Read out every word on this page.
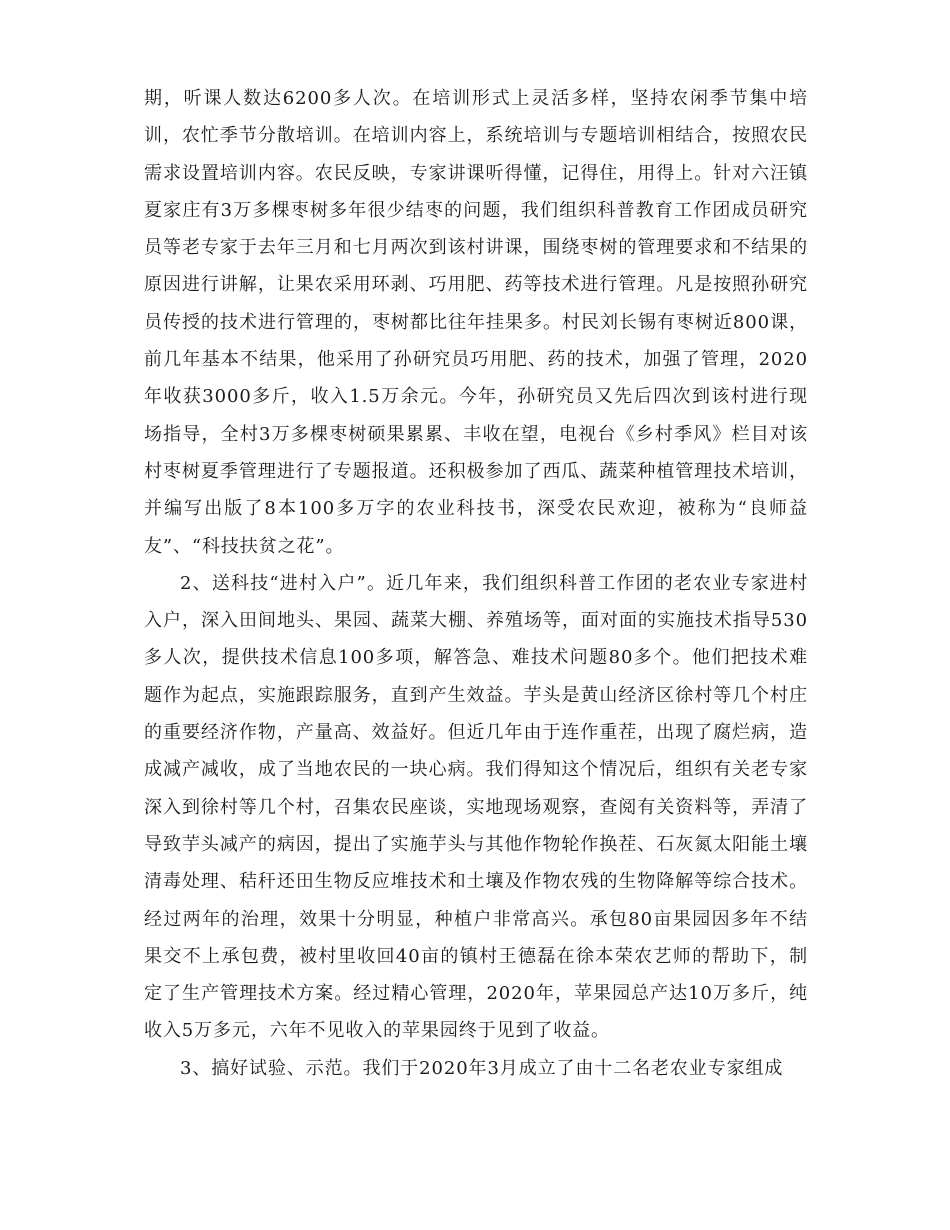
期，听课人数达6200多人次。在培训形式上灵活多样，坚持农闲季节集中培训，农忙季节分散培训。在培训内容上，系统培训与专题培训相结合，按照农民需求设置培训内容。农民反映，专家讲课听得懂，记得住，用得上。针对六汪镇夏家庄有3万多棵枣树多年很少结枣的问题，我们组织科普教育工作团成员研究员等老专家于去年三月和七月两次到该村讲课，围绕枣树的管理要求和不结果的原因进行讲解，让果农采用环剥、巧用肥、药等技术进行管理。凡是按照孙研究员传授的技术进行管理的，枣树都比往年挂果多。村民刘长锡有枣树近800课，前几年基本不结果，他采用了孙研究员巧用肥、药的技术，加强了管理，2020年收获3000多斤，收入1.5万余元。今年，孙研究员又先后四次到该村进行现场指导，全村3万多棵枣树硕果累累、丰收在望，电视台《乡村季风》栏目对该村枣树夏季管理进行了专题报道。还积极参加了西瓜、蔬菜种植管理技术培训，并编写出版了8本100多万字的农业科技书，深受农民欢迎，被称为“良师益友”、“科技扶贫之花”。

2、送科技“进村入户”。近几年来，我们组织科普工作团的老农业专家进村入户，深入田间地头、果园、蔬菜大棚、养殖场等，面对面的实施技术指导530多人次，提供技术信息100多项，解答急、难技术问题80多个。他们把技术难题作为起点，实施跟踪服务，直到产生效益。芋头是黄山经济区徐村等几个村庄的重要经济作物，产量高、效益好。但近几年由于连作重茬，出现了腐烂病，造成减产减收，成了当地农民的一块心病。我们得知这个情况后，组织有关老专家深入到徐村等几个村，召集农民座谈，实地现场观察，查阅有关资料等，弄清了导致芋头减产的病因，提出了实施芋头与其他作物轮作换茬、石灰氮太阳能土壤清毒处理、秸秆还田生物反应堆技术和土壤及作物农残的生物降解等综合技术。经过两年的治理，效果十分明显，种植户非常高兴。承包80亩果园因多年不结果交不上承包费，被村里收回40亩的镇村王德磊在徐本荣农艺师的帮助下，制定了生产管理技术方案。经过精心管理，2020年，苹果园总产达10万多斤，纯收入5万多元，六年不见收入的苹果园终于见到了收益。

3、搞好试验、示范。我们于2020年3月成立了由十二名老农业专家组成
